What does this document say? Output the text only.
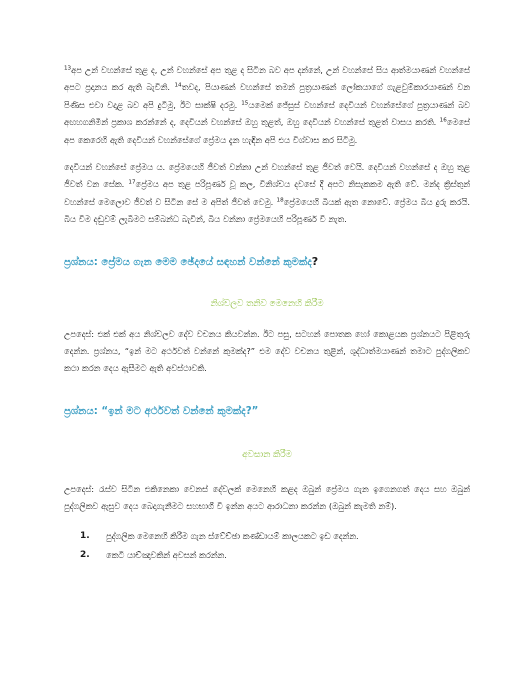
$^{13}$අප උන් වහන්සේ තුළ ද, උන් වහන්සේ අප තුළ ද සිටින බව අප දන්නේ, උන් වහන්සේ සිය ආත්මයාණන් වහන්සේ අපට ප්‍රදානය කර ඇති බැවිනි. $^{14}$තවද, පියාණන් වහන්සේ තමන් පුත්‍රයාණන් ලෝකයාගේ ගැළවුම්කාරයාණන් වන පිණිස එවා වදාළ බව අපි දුටිමු, ඊට සාක්ෂි දරමු. $^{15}$යමෙක් ජේසුස් වහන්සේ දෙවියන් වහන්සේගේ පුත්‍රයාණන් බව අඟහගනිමින් ප්‍රකාශ කරන්නේ ද, දෙවියන් වහන්සේ ඔහු තුළත්, ඔහු දෙවියන් වහන්සේ තුළත් වාසය කරති. $^{16}$මෙසේ අප කෙරෙහි ඇති දෙවියන් වහන්සේගේ ප්‍රේමය දැන හැඳින අපි එය විශ්වාස කර සිටිමු.

දෙවියන් වහන්සේ ප්‍රේමය ය. ප්‍රේමයෙහි ජීවත් වන්නා උන් වහන්සේ තුළ ජීවත් වෙයි. දෙවියන් වහන්සේ ද ඔහු තුළ ජීවත් වන සේක. $^{17}$ප්‍රේමය අප තුළ පරිපූර්ණ වූ කල, විනිශ්චය දවසේ දී අපට නිසැකකම ඇති වේ. මන්ද ක්‍රිස්තුන් වහන්සේ මෙලොව ජීවත් ව සිටින සේ ම අපිත් ජීවත් වෙමු. $^{18}$ප්‍රේමයෙහි බියක් ඇත නොවේ. ප්‍රේමය බිය දුරු කරයි. බිය වීම දඬුවම් ලැබීමට සම්බන්ධ බැවින්, බිය වන්නා ප්‍රේමයෙහි පරිපූර්ණ වී නැත.

ප්‍රශ්නය: ප්‍රේමය ගැන මෙම ඡේදයේ සඳහන් වන්නේ කුමක්ද?

නිශ්චලව තනිව මෙනෙහි කිරීම

උපදෙස්: එක් එක් අය නිශ්චලව දේව වචනය කියවන්න. ඊට පසු, සටහන් පොතක හෝ කොළයක ප්‍රශ්නයට පිළිතුරු දෙන්න. ප්‍රශ්නය, “ඉන් මට අර්ථවත් වන්නේ කුමක්ද?” එම දේව වචනය තුළින්, ශුද්ධාත්මයාණන් තමාට පුද්ගලිකව කථා කරන දෙය ඇසීමට ඇති අවස්ථාවකි.

ප්‍රශ්නය: “ඉන් මට අර්ථවත් වන්නේ කුමක්ද?”

අවසාන කිරීම

උපදෙස්: රැස්ව සිටින එකිනෙකා වෙනස් දේවලක් මෙනෙහි කළද ඔබුන් ප්‍රේමය ගැන ඉගෙනගත් දෙය සහ ඔබුන් පුද්ගලිකව ඇසුව දෙය බෙදාගැනීමට සහභාගී වී ඉන්න අයට ආරාධනා කරන්න (ඔබුන් කැමති නම්).

1. පුද්ගලික මෙනෙහි කිරීම ගැන ස්වේච්ඡා කණ්ඩායම් කාලයකට ඉඩ දෙන්න.
2. කෙටි යාච්ඤාවකින් අවසන් කරන්න.
